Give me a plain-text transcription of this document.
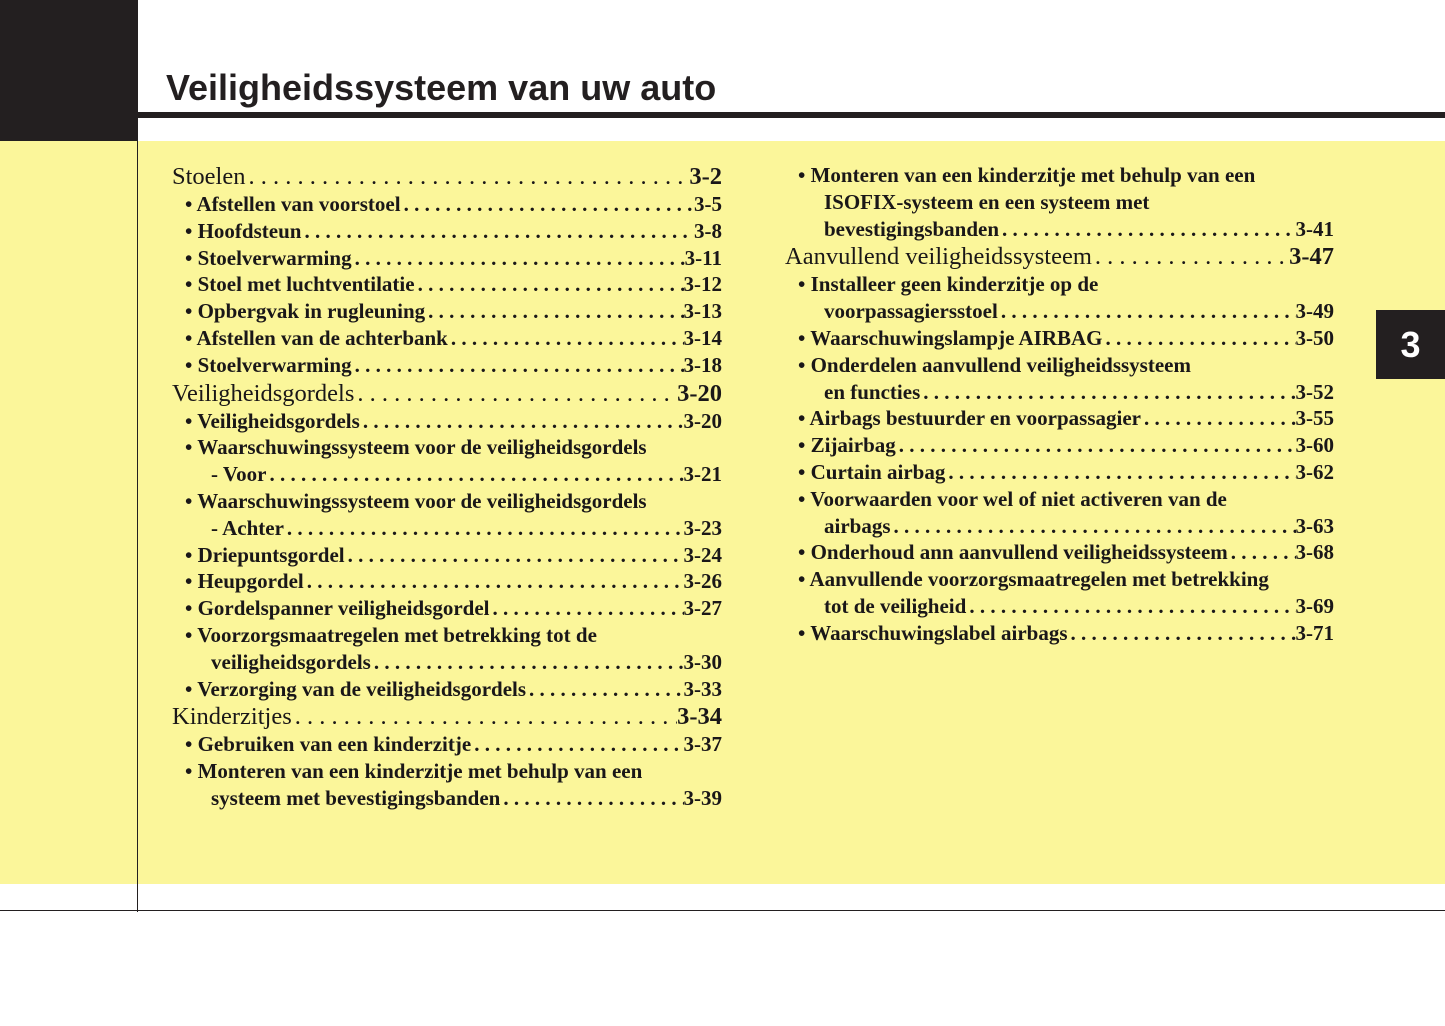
Veiligheidssysteem van uw auto
3
Stoelen . . .	3-2
• Afstellen van voorstoel . . .	3-5
• Hoofdsteun . . .	3-8
• Stoelverwarming . . .	3-11
• Stoel met luchtventilatie . . .	3-12
• Opbergvak in rugleuning . . .	3-13
• Afstellen van de achterbank . . .	3-14
• Stoelverwarming . . .	3-18
Veiligheidsgordels . . .	3-20
• Veiligheidsgordels . . .	3-20
• Waarschuwingssysteem voor de veiligheidsgordels
- Voor . . .	3-21
• Waarschuwingssysteem voor de veiligheidsgordels
- Achter . . .	3-23
• Driepuntsgordel . . .	3-24
• Heupgordel . . .	3-26
• Gordelspanner veiligheidsgordel . . .	3-27
• Voorzorgsmaatregelen met betrekking tot de
veiligheidsgordels . . .	3-30
• Verzorging van de veiligheidsgordels . . .	3-33
Kinderzitjes . . .	3-34
• Gebruiken van een kinderzitje . . .	3-37
• Monteren van een kinderzitje met behulp van een
systeem met bevestigingsbanden . . .	3-39
• Monteren van een kinderzitje met behulp van een
ISOFIX-systeem en een systeem met
bevestigingsbanden . . .	3-41
Aanvullend veiligheidssysteem . . .	3-47
• Installeer geen kinderzitje op de
voorpassagiersstoel . . .	3-49
• Waarschuwingslampje AIRBAG . . .	3-50
• Onderdelen aanvullend veiligheidssysteem
en functies . . .	3-52
• Airbags bestuurder en voorpassagier . . .	3-55
• Zijairbag . . .	3-60
• Curtain airbag . . .	3-62
• Voorwaarden voor wel of niet activeren van de
airbags . . .	3-63
• Onderhoud ann aanvullend veiligheidssysteem . . .	3-68
• Aanvullende voorzorgsmaatregelen met betrekking
tot de veiligheid . . .	3-69
• Waarschuwingslabel airbags . . .	3-71
